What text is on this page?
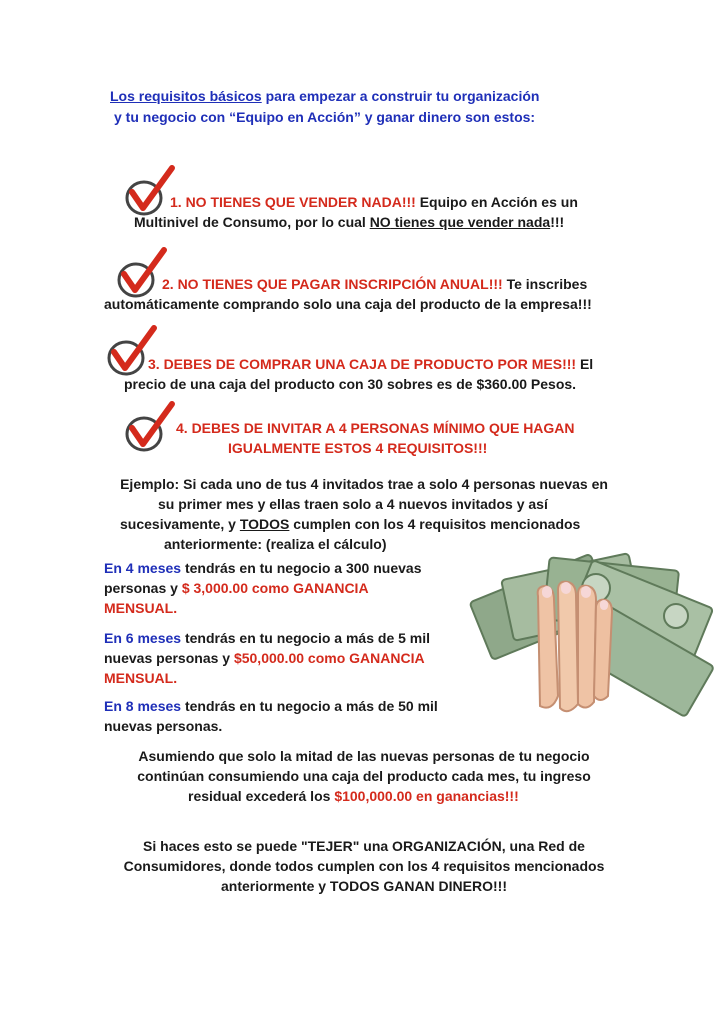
Los requisitos básicos para empezar a construir tu organización
y tu negocio con “Equipo en Acción” y ganar dinero son estos:
1. NO TIENES QUE VENDER NADA!!! Equipo en Acción es un
Multinivel de Consumo, por lo cual NO tienes que vender nada!!!
2. NO TIENES QUE PAGAR INSCRIPCIÓN ANUAL!!! Te inscribes
automáticamente comprando solo una caja del producto de la empresa!!!
3. DEBES DE COMPRAR UNA CAJA DE PRODUCTO POR MES!!! El
precio de una caja del producto con 30 sobres es de $360.00 Pesos.
4. DEBES DE INVITAR A 4 PERSONAS MÍNIMO QUE HAGAN
IGUALMENTE ESTOS 4 REQUISITOS!!!
Ejemplo: Si cada uno de tus 4 invitados trae a solo 4 personas nuevas en
su primer mes y ellas traen solo a 4 nuevos invitados y así
sucesivamente, y TODOS cumplen con los 4 requisitos mencionados
anteriormente: (realiza el cálculo)
En 4 meses tendrás en tu negocio a 300 nuevas
personas y $ 3,000.00 como GANANCIA
MENSUAL.
En 6 meses tendrás en tu negocio a más de 5 mil
nuevas personas y $50,000.00 como GANANCIA
MENSUAL.
En 8 meses tendrás en tu negocio a más de 50 mil
nuevas personas.
Asumiendo que solo la mitad de las nuevas personas de tu negocio
continúan consumiendo una caja del producto cada mes, tu ingreso
residual excederá los $100,000.00 en ganancias!!!
Si haces esto se puede "TEJER" una ORGANIZACIÓN, una Red de
Consumidores, donde todos cumplen con los 4 requisitos mencionados
anteriormente y TODOS GANAN DINERO!!!
